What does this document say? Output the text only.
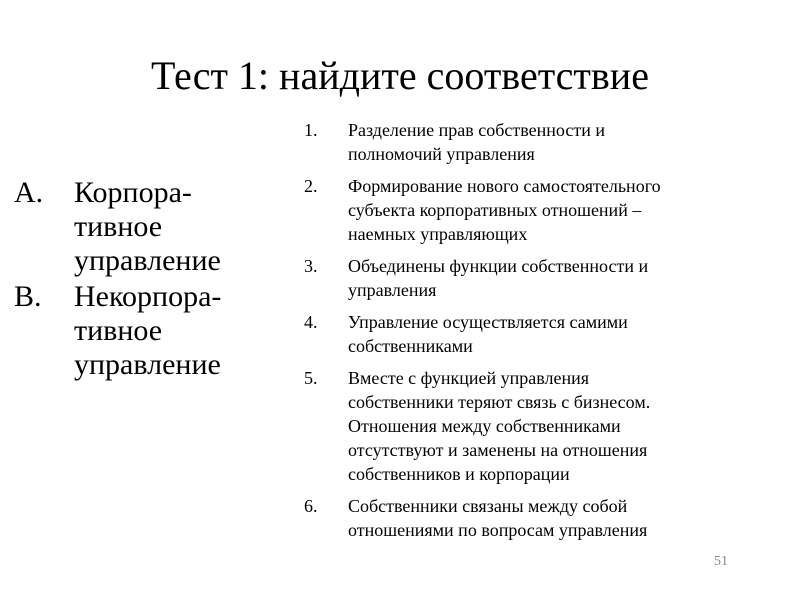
Тест 1: найдите соответствие
A.	Корпора-
тивное
управление
B.	Некорпора-
тивное
управление
1.	Разделение прав собственности и
полномочий управления
2.	Формирование нового самостоятельного
субъекта корпоративных отношений –
наемных управляющих
3.	Объединены функции собственности и
управления
4.	Управление осуществляется самими
собственниками
5.	Вместе с функцией управления
собственники теряют связь с бизнесом.
Отношения между собственниками
отсутствуют и заменены на отношения
собственников и корпорации
6.	Собственники связаны между собой
отношениями по вопросам управления
51
